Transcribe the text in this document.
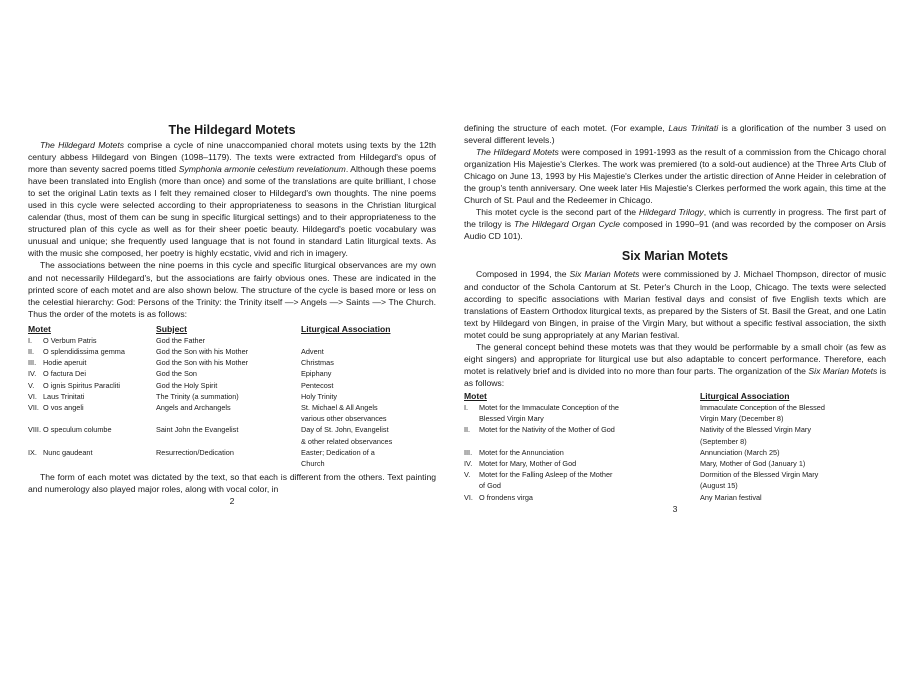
The Hildegard Motets

The Hildegard Motets comprise a cycle of nine unaccompanied choral motets using texts by the 12th century abbess Hildegard von Bingen (1098–1179). The texts were extracted from Hildegard's opus of more than seventy sacred poems titled Symphonia armonie celestium revelationum. Although these poems have been translated into English (more than once) and some of the translations are quite brilliant, I chose to set the original Latin texts as I felt they remained closer to Hildegard's own thoughts. The nine poems used in this cycle were selected according to their appropriateness to seasons in the Christian liturgical calendar (thus, most of them can be sung in specific liturgical settings) and to their appropriateness to the structured plan of this cycle as well as for their sheer poetic beauty. Hildegard's poetic vocabulary was unusual and unique; she frequently used language that is not found in standard Latin liturgical texts. As with the music she composed, her poetry is highly ecstatic, vivid and rich in imagery.

The associations between the nine poems in this cycle and specific liturgical observances are my own and not necessarily Hildegard's, but the associations are fairly obvious ones. These are indicated in the printed score of each motet and are also shown below. The structure of the cycle is based more or less on the celestial hierarchy: God: Persons of the Trinity: the Trinity itself —> Angels —> Saints —> The Church. Thus the order of the motets is as follows:

Motet	Subject	Liturgical Association
I. O Verbum Patris	God the Father	
II. O splendidissima gemma	God the Son with his Mother	Advent
III. Hodie aperuit	God the Son with his Mother	Christmas
IV. O factura Dei	God the Son	Epiphany
V. O ignis Spiritus Paracliti	God the Holy Spirit	Pentecost
VI. Laus Trinitati	The Trinity (a summation)	Holy Trinity
VII. O vos angeli	Angels and Archangels	St. Michael & All Angels
various other observances
VIII. O speculum columbe	Saint John the Evangelist	Day of St. John, Evangelist
& other related observances
IX. Nunc gaudeant	Resurrection/Dedication	Easter; Dedication of a
Church

The form of each motet was dictated by the text, so that each is different from the others. Text painting and numerology also played major roles, along with vocal color, in

2

defining the structure of each motet. (For example, Laus Trinitati is a glorification of the number 3 used on several different levels.)

The Hildegard Motets were composed in 1991-1993 as the result of a commission from the Chicago choral organization His Majestie's Clerkes. The work was premiered (to a sold-out audience) at the Three Arts Club of Chicago on June 13, 1993 by His Majestie's Clerkes under the artistic direction of Anne Heider in celebration of the group's tenth anniversary. One week later His Majestie's Clerkes performed the work again, this time at the Church of St. Paul and the Redeemer in Chicago.

This motet cycle is the second part of the Hildegard Trilogy, which is currently in progress. The first part of the trilogy is The Hildegard Organ Cycle composed in 1990–91 (and was recorded by the composer on Arsis Audio CD 101).

Six Marian Motets

Composed in 1994, the Six Marian Motets were commissioned by J. Michael Thompson, director of music and conductor of the Schola Cantorum at St. Peter's Church in the Loop, Chicago. The texts were selected according to specific associations with Marian festival days and consist of five English texts which are translations of Eastern Orthodox liturgical texts, as prepared by the Sisters of St. Basil the Great, and one Latin text by Hildegard von Bingen, in praise of the Virgin Mary, but without a specific festival association, the sixth motet could be sung appropriately at any Marian festival.

The general concept behind these motets was that they would be performable by a small choir (as few as eight singers) and appropriate for liturgical use but also adaptable to concert performance. Therefore, each motet is relatively brief and is divided into no more than four parts. The organization of the Six Marian Motets is as follows:

Motet	Liturgical Association

I. Motet for the Immaculate Conception of the
Blessed Virgin Mary	Immaculate Conception of the Blessed
Virgin Mary (December 8)

II. Motet for the Nativity of the Mother of God	Nativity of the Blessed Virgin Mary
(September 8)

III. Motet for the Annunciation	Annunciation (March 25)

IV. Motet for Mary, Mother of God	Mary, Mother of God (January 1)

V. Motet for the Falling Asleep of the Mother
of God	Dormition of the Blessed Virgin Mary
(August 15)

VI. O frondens virga	Any Marian festival
3
